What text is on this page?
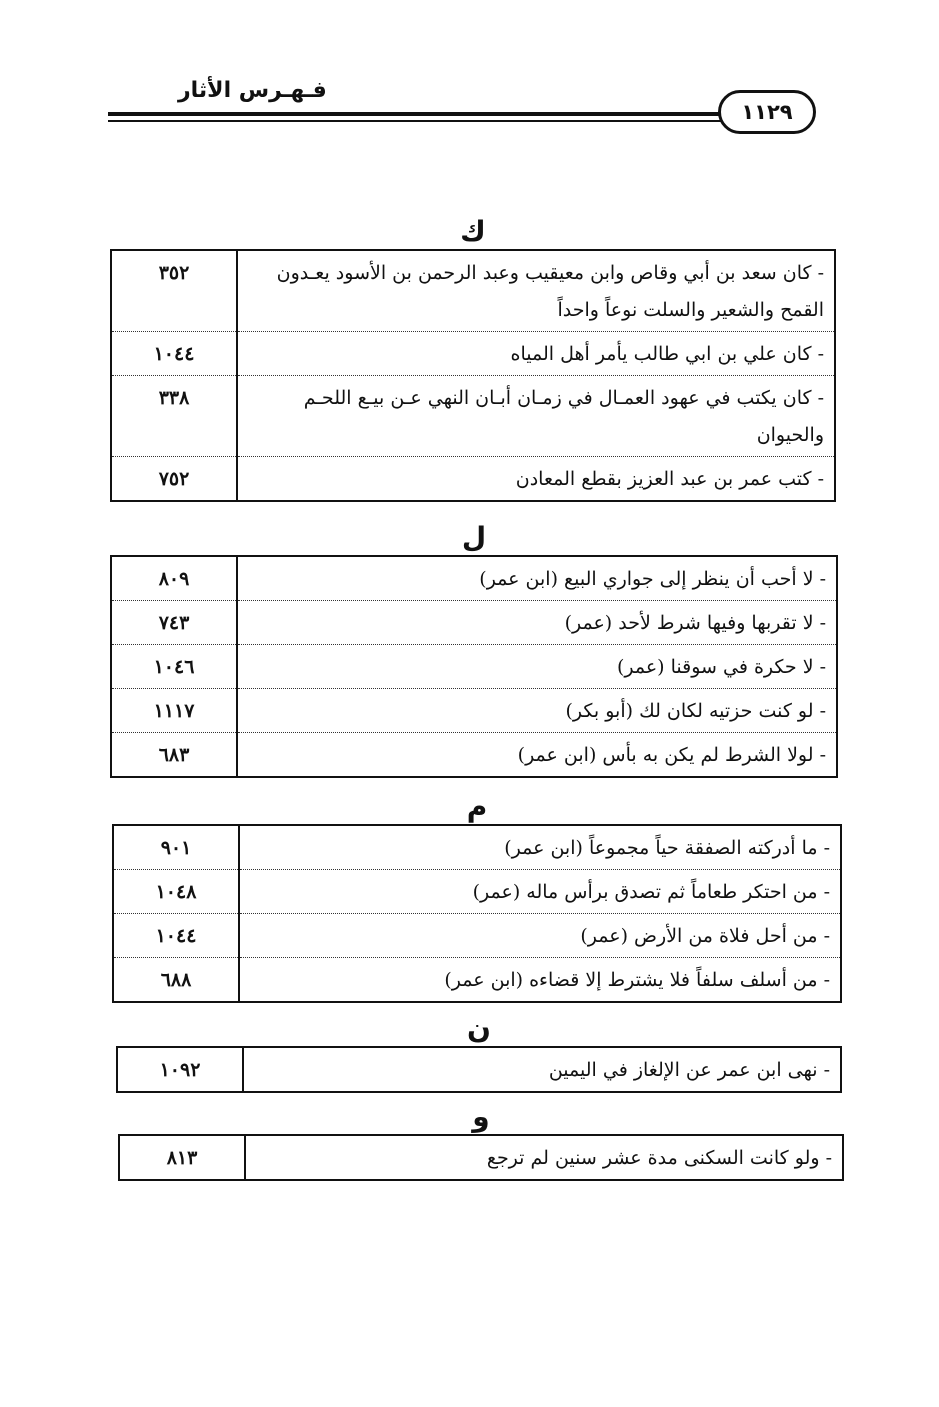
فـهـرس الأثار
١١٢٩
ك
- كان سعد بن أبي وقاص وابن معيقيب وعبد الرحمن بن الأسود يعـدون القمح والشعير والسلت نوعاً واحداً	٣٥٢
- كان علي بن ابي طالب يأمر أهل المياه	١٠٤٤
- كان يكتب في عهود العمـال في زمـان أبـان النهي عـن بيـع اللحـم والحيوان	٣٣٨
- كتب عمر بن عبد العزيز بقطع المعادن	٧٥٢
ل
- لا أحب أن ينظر إلى جواري البيع (ابن عمر)	٨٠٩
- لا تقربها وفيها شرط لأحد (عمر)	٧٤٣
- لا حكرة في سوقنا (عمر)	١٠٤٦
- لو كنت حزتيه لكان لك (أبو بكر)	١١١٧
- لولا الشرط لم يكن به بأس (ابن عمر)	٦٨٣
م
- ما أدركته الصفقة حياً مجموعاً (ابن عمر)	٩٠١
- من احتكر طعاماً ثم تصدق برأس ماله (عمر)	١٠٤٨
- من أحل فلاة من الأرض (عمر)	١٠٤٤
- من أسلف سلفاً فلا يشترط إلا قضاءه (ابن عمر)	٦٨٨
ن
- نهى ابن عمر عن الإلغاز في اليمين	١٠٩٢
و
- ولو كانت السكنى مدة عشر سنين لم ترجع	٨١٣
